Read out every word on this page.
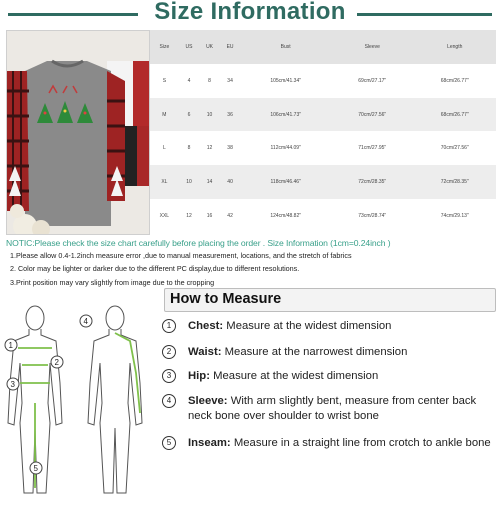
Size Information
Size	US	UK	EU	Bust	Sleeve	Length
S	4	8	34	105cm/41.34"	69cm/27.17"	68cm/26.77"
M	6	10	36	106cm/41.73"	70cm/27.56"	68cm/26.77"
L	8	12	38	112cm/44.09"	71cm/27.95"	70cm/27.56"
XL	10	14	40	118cm/46.46"	72cm/28.35"	72cm/28.35"
XXL	12	16	42	124cm/48.82"	73cm/28.74"	74cm/29.13"
NOTIC:Please check the size chart carefully before placing the order . Size Information (1cm=0.24inch )
1.Please allow 0.4-1.2inch measure error ,due to manual measurement, locations, and the stretch of fabrics
2. Color may be lighter or darker due to the different PC display,due to different resolutions.
3.Print position may vary slightly from image due to the cropping
How to Measure
1
2
3
4
5
1	Chest: Measure at the widest dimension
2	Waist: Measure at the narrowest dimension
3	Hip: Measure at the widest dimension
4	Sleeve: With arm slightly bent, measure from center back neck bone over shoulder to wrist bone
5	Inseam: Measure in a straight line from crotch to ankle bone
